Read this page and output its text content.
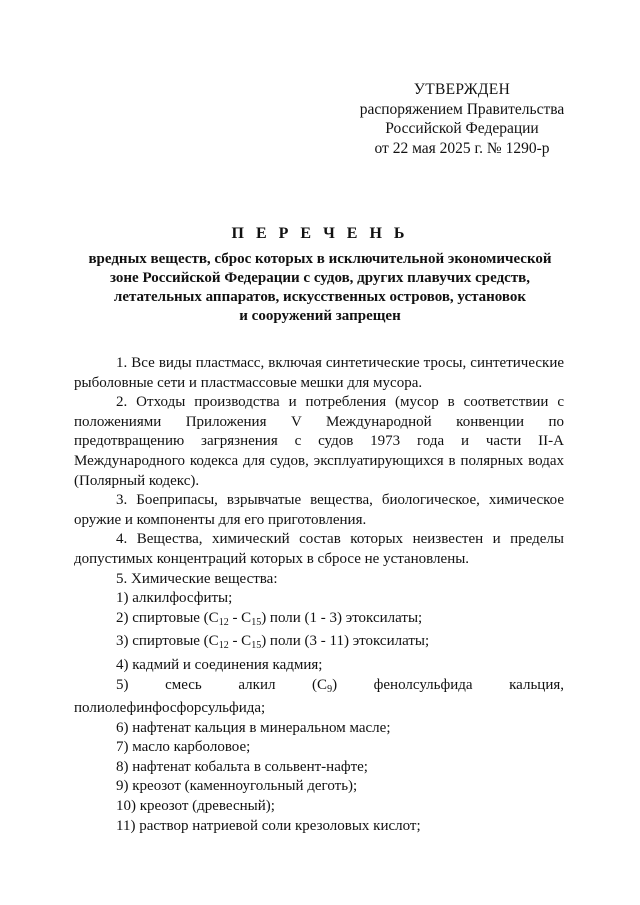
УТВЕРЖДЕН
распоряжением Правительства
Российской Федерации
от 22 мая 2025 г. № 1290-р
П Е Р Е Ч Е Н Ь
вредных веществ, сброс которых в исключительной экономической
зоне Российской Федерации с судов, других плавучих средств,
летательных аппаратов, искусственных островов, установок
и сооружений запрещен

1. Все виды пластмасс, включая синтетические тросы, синтетические рыболовные сети и пластмассовые мешки для мусора.

2. Отходы производства и потребления (мусор в соответствии с положениями Приложения V Международной конвенции по предотвращению загрязнения с судов 1973 года и части II-A Международного кодекса для судов, эксплуатирующихся в полярных водах (Полярный кодекс).

3. Боеприпасы, взрывчатые вещества, биологическое, химическое оружие и компоненты для его приготовления.

4. Вещества, химический состав которых неизвестен и пределы допустимых концентраций которых в сбросе не установлены.

5. Химические вещества:

1) алкилфосфиты;

2) спиртовые $(C_{12} - C_{15})$ поли (1 - 3) этоксилаты;

3) спиртовые $(C_{12} - C_{15})$ поли (3 - 11) этоксилаты;

4) кадмий и соединения кадмия;

5) смесь алкил $(C_9)$ фенолсульфида кальция, полиолефинфосфорсульфида;

6) нафтенат кальция в минеральном масле;

7) масло карболовое;

8) нафтенат кобальта в сольвент-нафте;

9) креозот (каменноугольный деготь);

10) креозот (древесный);

11) раствор натриевой соли крезоловых кислот;
